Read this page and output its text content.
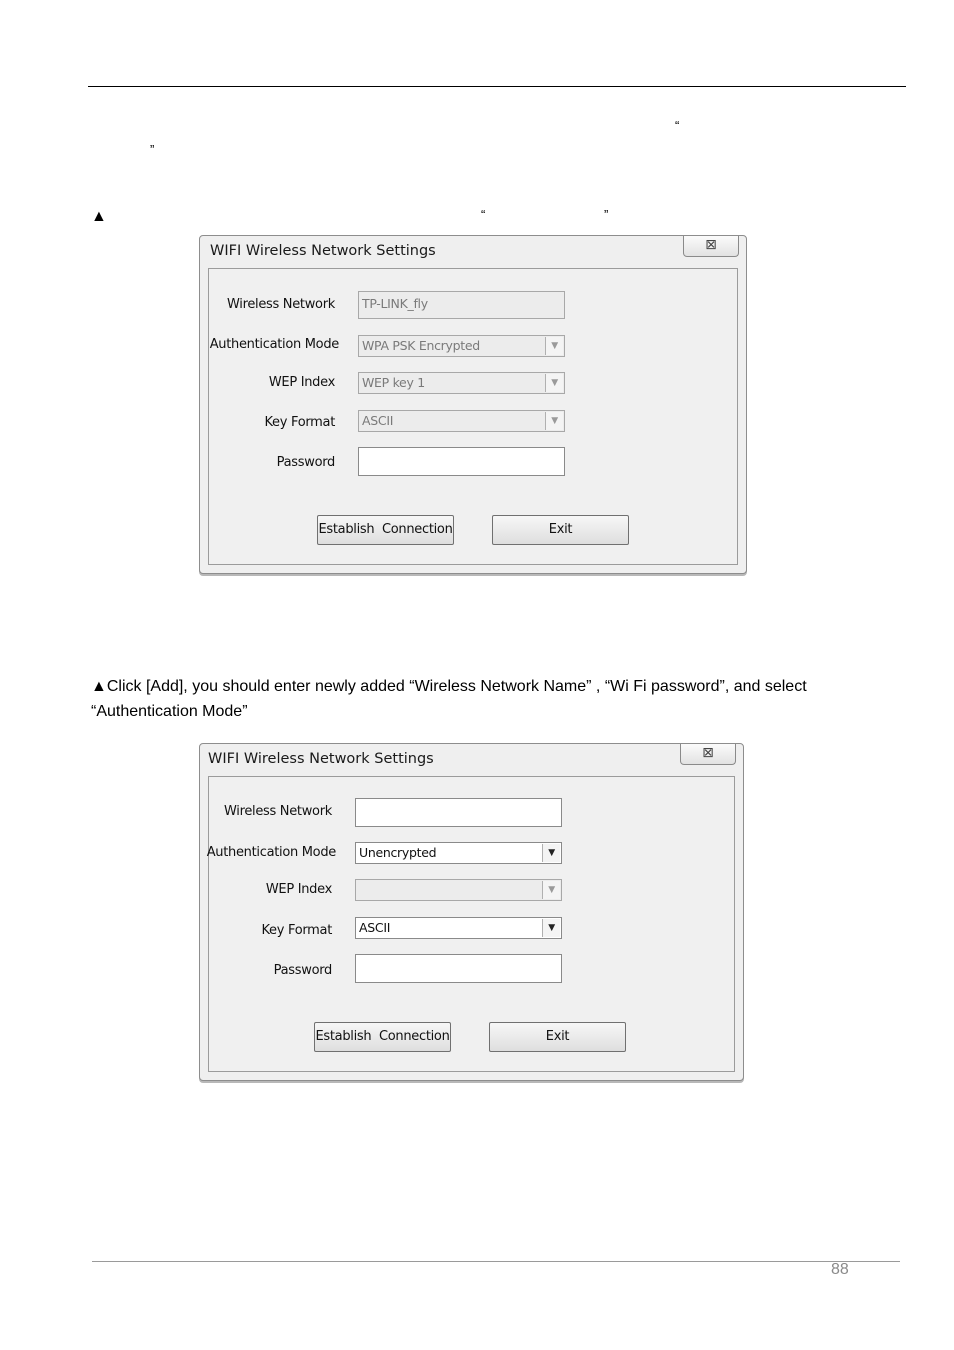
“
”
▲	“	”
WIFI Wireless Network Settings	⊠
Wireless Network	TP-LINK_fly
Authentication Mode	WPA PSK Encrypted	▼
WEP Index	WEP key 1	▼
Key Format	ASCII	▼
Password
Establish  Connection	Exit
▲Click [Add], you should enter newly added “Wireless Network Name” , “Wi Fi password”, and select
“Authentication Mode”
WIFI Wireless Network Settings	⊠
Wireless Network
Authentication Mode	Unencrypted	▼
WEP Index	▼
Key Format	ASCII	▼
Password
Establish  Connection	Exit
88
